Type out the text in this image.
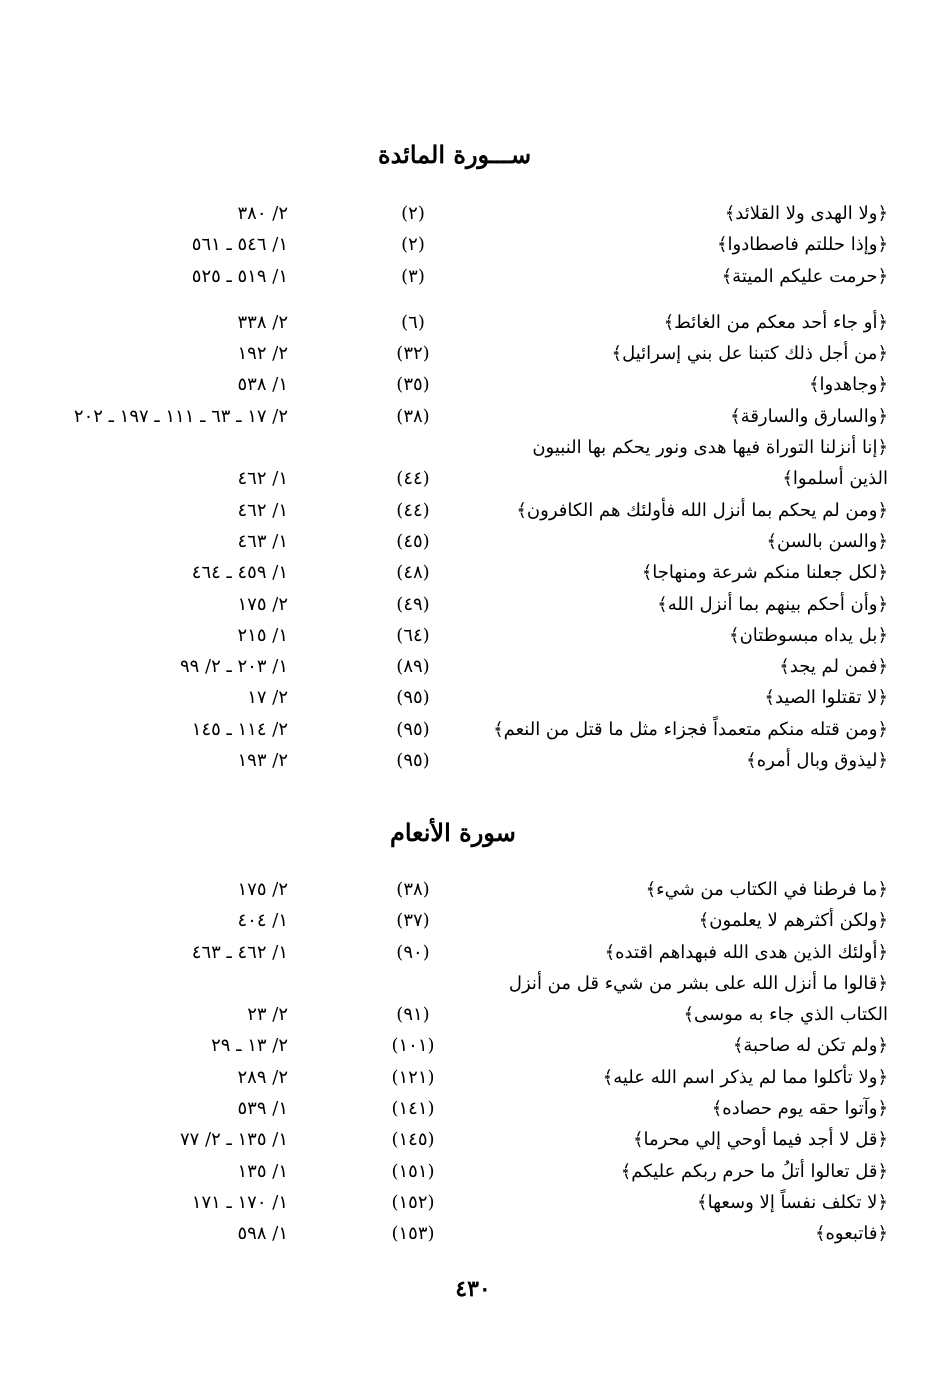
ســـورة المائدة
﴿ولا الهدى ولا القلائد﴾
(٢)
٢/ ٣٨٠
﴿وإذا حللتم فاصطادوا﴾
(٢)
١/ ٥٤٦ ـ ٥٦١
﴿حرمت عليكم الميتة﴾
(٣)
١/ ٥١٩ ـ ٥٢٥
﴿أو جاء أحد معكم من الغائط﴾
(٦)
٢/ ٣٣٨
﴿من أجل ذلك كتبنا عل بني إسرائيل﴾
(٣٢)
٢/ ١٩٢
﴿وجاهدوا﴾
(٣٥)
١/ ٥٣٨
﴿والسارق والسارقة﴾
(٣٨)
٢/ ١٧ ـ ٦٣ ـ ١١١ ـ ١٩٧ ـ ٢٠٢
﴿إنا أنزلنا التوراة فيها هدى ونور يحكم بها النبيون
الذين أسلموا﴾
(٤٤)
١/ ٤٦٢
﴿ومن لم يحكم بما أنزل الله فأولئك هم الكافرون﴾
(٤٤)
١/ ٤٦٢
﴿والسن بالسن﴾
(٤٥)
١/ ٤٦٣
﴿لكل جعلنا منكم شرعة ومنهاجا﴾
(٤٨)
١/ ٤٥٩ ـ ٤٦٤
﴿وأن أحكم بينهم بما أنزل الله﴾
(٤٩)
٢/ ١٧٥
﴿بل يداه مبسوطتان﴾
(٦٤)
١/ ٢١٥
﴿فمن لم يجد﴾
(٨٩)
١/ ٢٠٣ ـ ٢/ ٩٩
﴿لا تقتلوا الصيد﴾
(٩٥)
٢/ ١٧
﴿ومن قتله منكم متعمداً فجزاء مثل ما قتل من النعم﴾
(٩٥)
٢/ ١١٤ ـ ١٤٥
﴿ليذوق وبال أمره﴾
(٩٥)
٢/ ١٩٣
سورة الأنعام
﴿ما فرطنا في الكتاب من شيء﴾
(٣٨)
٢/ ١٧٥
﴿ولكن أكثرهم لا يعلمون﴾
(٣٧)
١/ ٤٠٤
﴿أولئك الذين هدى الله فبهداهم اقتده﴾
(٩٠)
١/ ٤٦٢ ـ ٤٦٣
﴿قالوا ما أنزل الله على بشر من شيء قل من أنزل
الكتاب الذي جاء به موسى﴾
(٩١)
٢/ ٢٣
﴿ولم تكن له صاحبة﴾
(١٠١)
٢/ ١٣ ـ ٢٩
﴿ولا تأكلوا مما لم يذكر اسم الله عليه﴾
(١٢١)
٢/ ٢٨٩
﴿وآتوا حقه يوم حصاده﴾
(١٤١)
١/ ٥٣٩
﴿قل لا أجد فيما أوحي إلي محرما﴾
(١٤٥)
١/ ١٣٥ ـ ٢/ ٧٧
﴿قل تعالوا أتلُ ما حرم ربكم عليكم﴾
(١٥١)
١/ ١٣٥
﴿لا تكلف نفساً إلا وسعها﴾
(١٥٢)
١/ ١٧٠ ـ ١٧١
﴿فاتبعوه﴾
(١٥٣)
١/ ٥٩٨
٤٣٠
